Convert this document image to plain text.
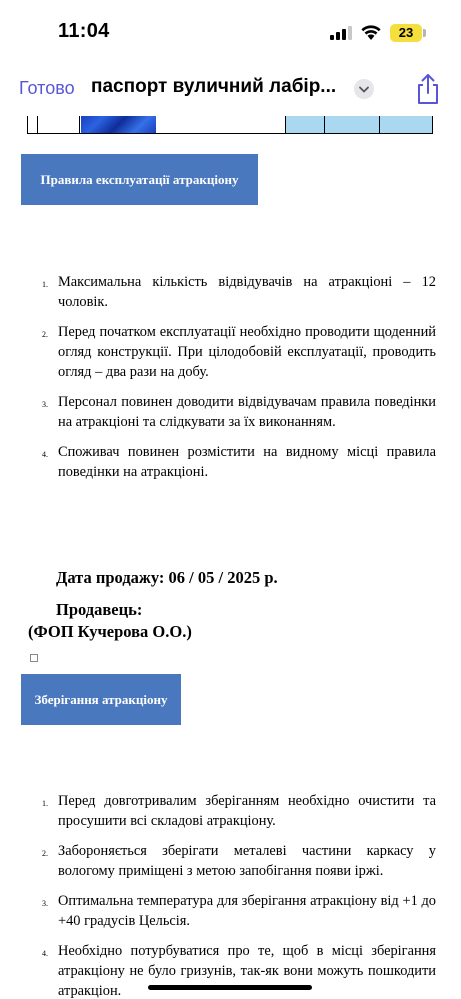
11:04	23
Готово паспорт вуличний лабір...
Правила експлуатації атракціону
1. Максимальна кількість відвідувачів на атракціоні – 12 чоловік.
2. Перед початком експлуатації необхідно проводити щоденний огляд конструкції. При цілодобовій експлуатації, проводить огляд – два рази на добу.
3. Персонал повинен доводити відвідувачам правила поведінки на атракціоні та слідкувати за їх виконанням.
4. Споживач повинен розмістити на видному місці правила поведінки на атракціоні.
Дата продажу: 06 / 05 / 2025 р.
Продавець:
(ФОП Кучерова О.О.)
Зберігання атракціону
1. Перед довготривалим зберіганням необхідно очистити та просушити всі складові атракціону.
2. Забороняється зберігати металеві частини каркасу у вологому приміщені з метою запобігання появи іржі.
3. Оптимальна температура для зберігання атракціону від +1 до +40 градусів Цельсія.
4. Необхідно потурбуватися про те, щоб в місці зберігання атракціону не було гризунів, так-як вони можуть пошкодити атракціон.
